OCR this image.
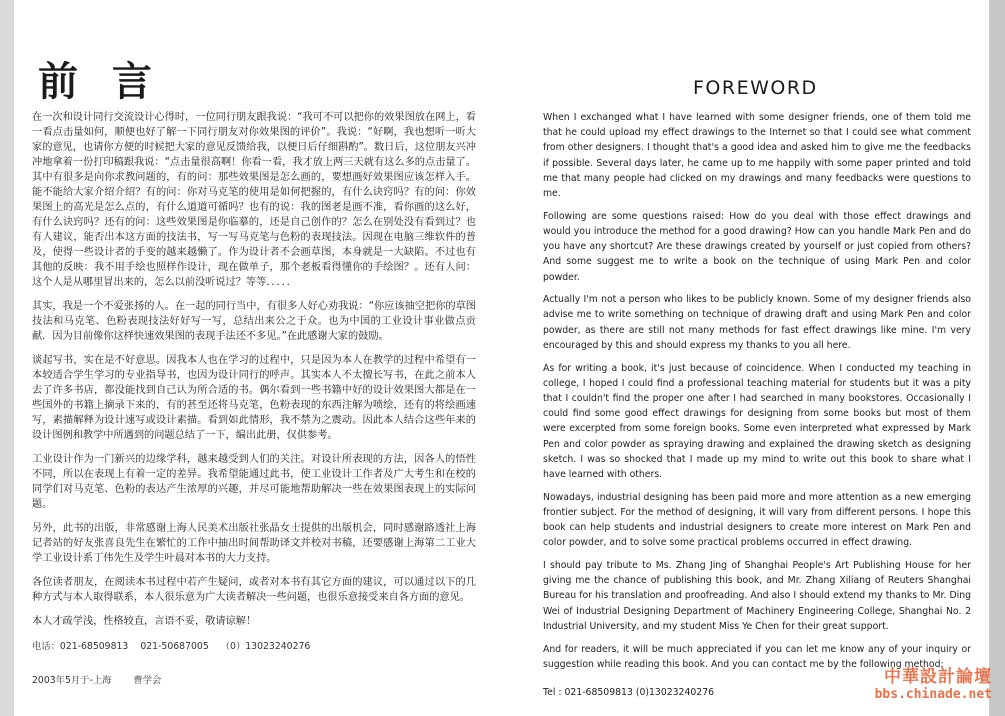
前 言

在一次和设计同行交流设计心得时，一位同行朋友跟我说：“我可不可以把你的效果图放在网上，看一看点击量如何，顺便也好了解一下同行朋友对你效果图的评价”。我说：“好啊，我也想听一听大家的意见，也请你方便的时候把大家的意见反馈给我，以便日后仔细斟酌”。数日后，这位朋友兴冲冲地拿着一份打印稿跟我说：“点击量很高啊！你看一看，我才放上两三天就有这么多的点击量了。其中有很多是向你求教问题的，有的问：那些效果图是怎么画的，要想画好效果图应该怎样入手。能不能给大家介绍介绍？有的问：你对马克笔的使用是如何把握的，有什么诀窍吗？有的问：你效果图上的高光是怎么点的，有什么道道可循吗？也有的说：我的图老是画不准，看你画的这么好，有什么诀窍吗？还有的问：这些效果图是你临摹的，还是自己创作的？怎么在别处没有看到过？也有人建议，能否出本这方面的技法书，写一写马克笔与色粉的表现技法。因现在电脑三维软件的普及，使得一些设计者的手变的越来越懒了。作为设计者不会画草图，本身就是一大缺陷。不过也有其他的反映：我不用手绘也照样作设计，现在做单子，那个老板看得懂你的手绘图？。还有人问：这个人是从哪里冒出来的，怎么以前没听说过？等等．．．．．

其实，我是一个不爱张扬的人。在一起的同行当中，有很多人好心劝我说：“你应该抽空把你的草图技法和马克笔、色粉表现技法好好写一写，总结出来公之于众。也为中国的工业设计事业做点贡献．因为目前像你这样快速效果图的表现手法还不多见。”在此感谢大家的鼓励。

谈起写书，实在是不好意思。因我本人也在学习的过程中，只是因为本人在教学的过程中希望有一本较适合学生学习的专业指导书，也因为设计同行的呼声。其实本人不太擅长写书，在此之前本人去了许多书店，都没能找到自己认为所合适的书。偶尔看到一些书籍中好的设计效果图大都是在一些国外的书籍上摘录下来的，有的甚至还将马克笔，色粉表现的东西注解为喷绘，还有的将绘画速写，素描解释为设计速写或设计素描。看到如此情形，我不禁为之震动。因此本人结合这些年来的设计图例和教学中所遇到的问题总结了一下，编出此册，仅供参考。

工业设计作为一门新兴的边缘学科，越来越受到人们的关注。对设计所表现的方法，因各人的悟性不同，所以在表现上有着一定的差异。我希望能通过此书，使工业设计工作者及广大考生和在校的同学们对马克笔、色粉的表达产生浓厚的兴趣，并尽可能地帮助解决一些在效果图表现上的实际问题。

另外，此书的出版，非常感谢上海人民美术出版社张晶女士提供的出版机会，同时感谢路透社上海记者站的好友张喜良先生在繁忙的工作中抽出时间帮助译文并校对书稿，还要感谢上海第二工业大学工业设计系丁伟先生及学生叶晨对本书的大力支持。

各位读者朋友，在阅读本书过程中若产生疑问，或者对本书有其它方面的建议，可以通过以下的几种方式与本人取得联系，本人很乐意为广大读者解决一些问题，也很乐意接受来自各方面的意见。

本人才疏学浅，性格较直，言语不妥，敬请谅解！

电话：021-68509813 021-50687005 （0）13023240276
2003年5月于-上海 曹学会
FOREWORD

When I exchanged what I have learned with some designer friends, one of them told me that he could upload my effect drawings to the Internet so that I could see what comment from other designers. I thought that's a good idea and asked him to give me the feedbacks if possible. Several days later, he came up to me happily with some paper printed and told me that many people had clicked on my drawings and many feedbacks were questions to me.

Following are some questions raised: How do you deal with those effect drawings and would you introduce the method for a good drawing? How can you handle Mark Pen and do you have any shortcut? Are these drawings created by yourself or just copied from others? And some suggest me to write a book on the technique of using Mark Pen and color powder.

Actually I'm not a person who likes to be publicly known. Some of my designer friends also advise me to write something on technique of drawing draft and using Mark Pen and color powder, as there are still not many methods for fast effect drawings like mine. I'm very encouraged by this and should express my thanks to you all here.

As for writing a book, it's just because of coincidence. When I conducted my teaching in college, I hoped I could find a professional teaching material for students but it was a pity that I couldn't find the proper one after I had searched in many bookstores. Occasionally I could find some good effect drawings for designing from some books but most of them were excerpted from some foreign books. Some even interpreted what expressed by Mark Pen and color powder as spraying drawing and explained the drawing sketch as designing sketch. I was so shocked that I made up my mind to write out this book to share what I have learned with others.

Nowadays, industrial designing has been paid more and more attention as a new emerging frontier subject. For the method of designing, it will vary from different persons. I hope this book can help students and industrial designers to create more interest on Mark Pen and color powder, and to solve some practical problems occurred in effect drawing.

I should pay tribute to Ms. Zhang Jing of Shanghai People's Art Publishing House for her giving me the chance of publishing this book, and Mr. Zhang Xiliang of Reuters Shanghai Bureau for his translation and proofreading. And also I should extend my thanks to Mr. Ding Wei of Industrial Designing Department of Machinery Engineering College, Shanghai No. 2 Industrial University, and my student Miss Ye Chen for their great support.

And for readers, it will be much appreciated if you can let me know any of your inquiry or suggestion while reading this book. And you can contact me by the following method:

Tel : 021-68509813 (0)13023240276
中華設計論壇
bbs.chinade.net
